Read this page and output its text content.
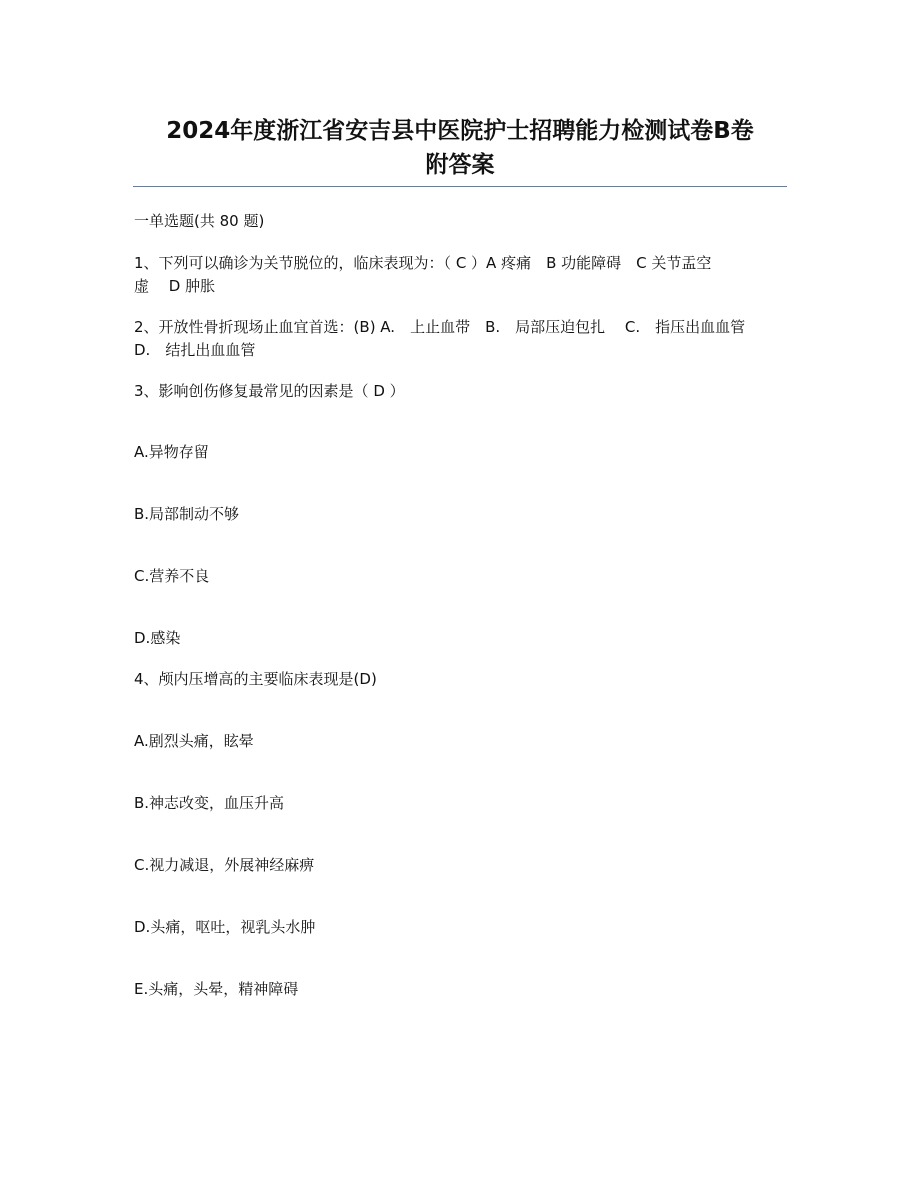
2024年度浙江省安吉县中医院护士招聘能力检测试卷B卷
附答案
一单选题(共 80 题)
1、下列可以确诊为关节脱位的，临床表现为：（ C ）A 疼痛　B 功能障碍　C 关节盂空
虚　 D 肿胀
2、开放性骨折现场止血宜首选：(B) A.　上止血带　B.　局部压迫包扎　 C.　指压出血血管
D.　结扎出血血管
3、影响创伤修复最常见的因素是（ D ）
A.异物存留
B.局部制动不够
C.营养不良
D.感染
4、颅内压增高的主要临床表现是(D)
A.剧烈头痛，眩晕
B.神志改变，血压升高
C.视力减退，外展神经麻痹
D.头痛，呕吐，视乳头水肿
E.头痛，头晕，精神障碍
